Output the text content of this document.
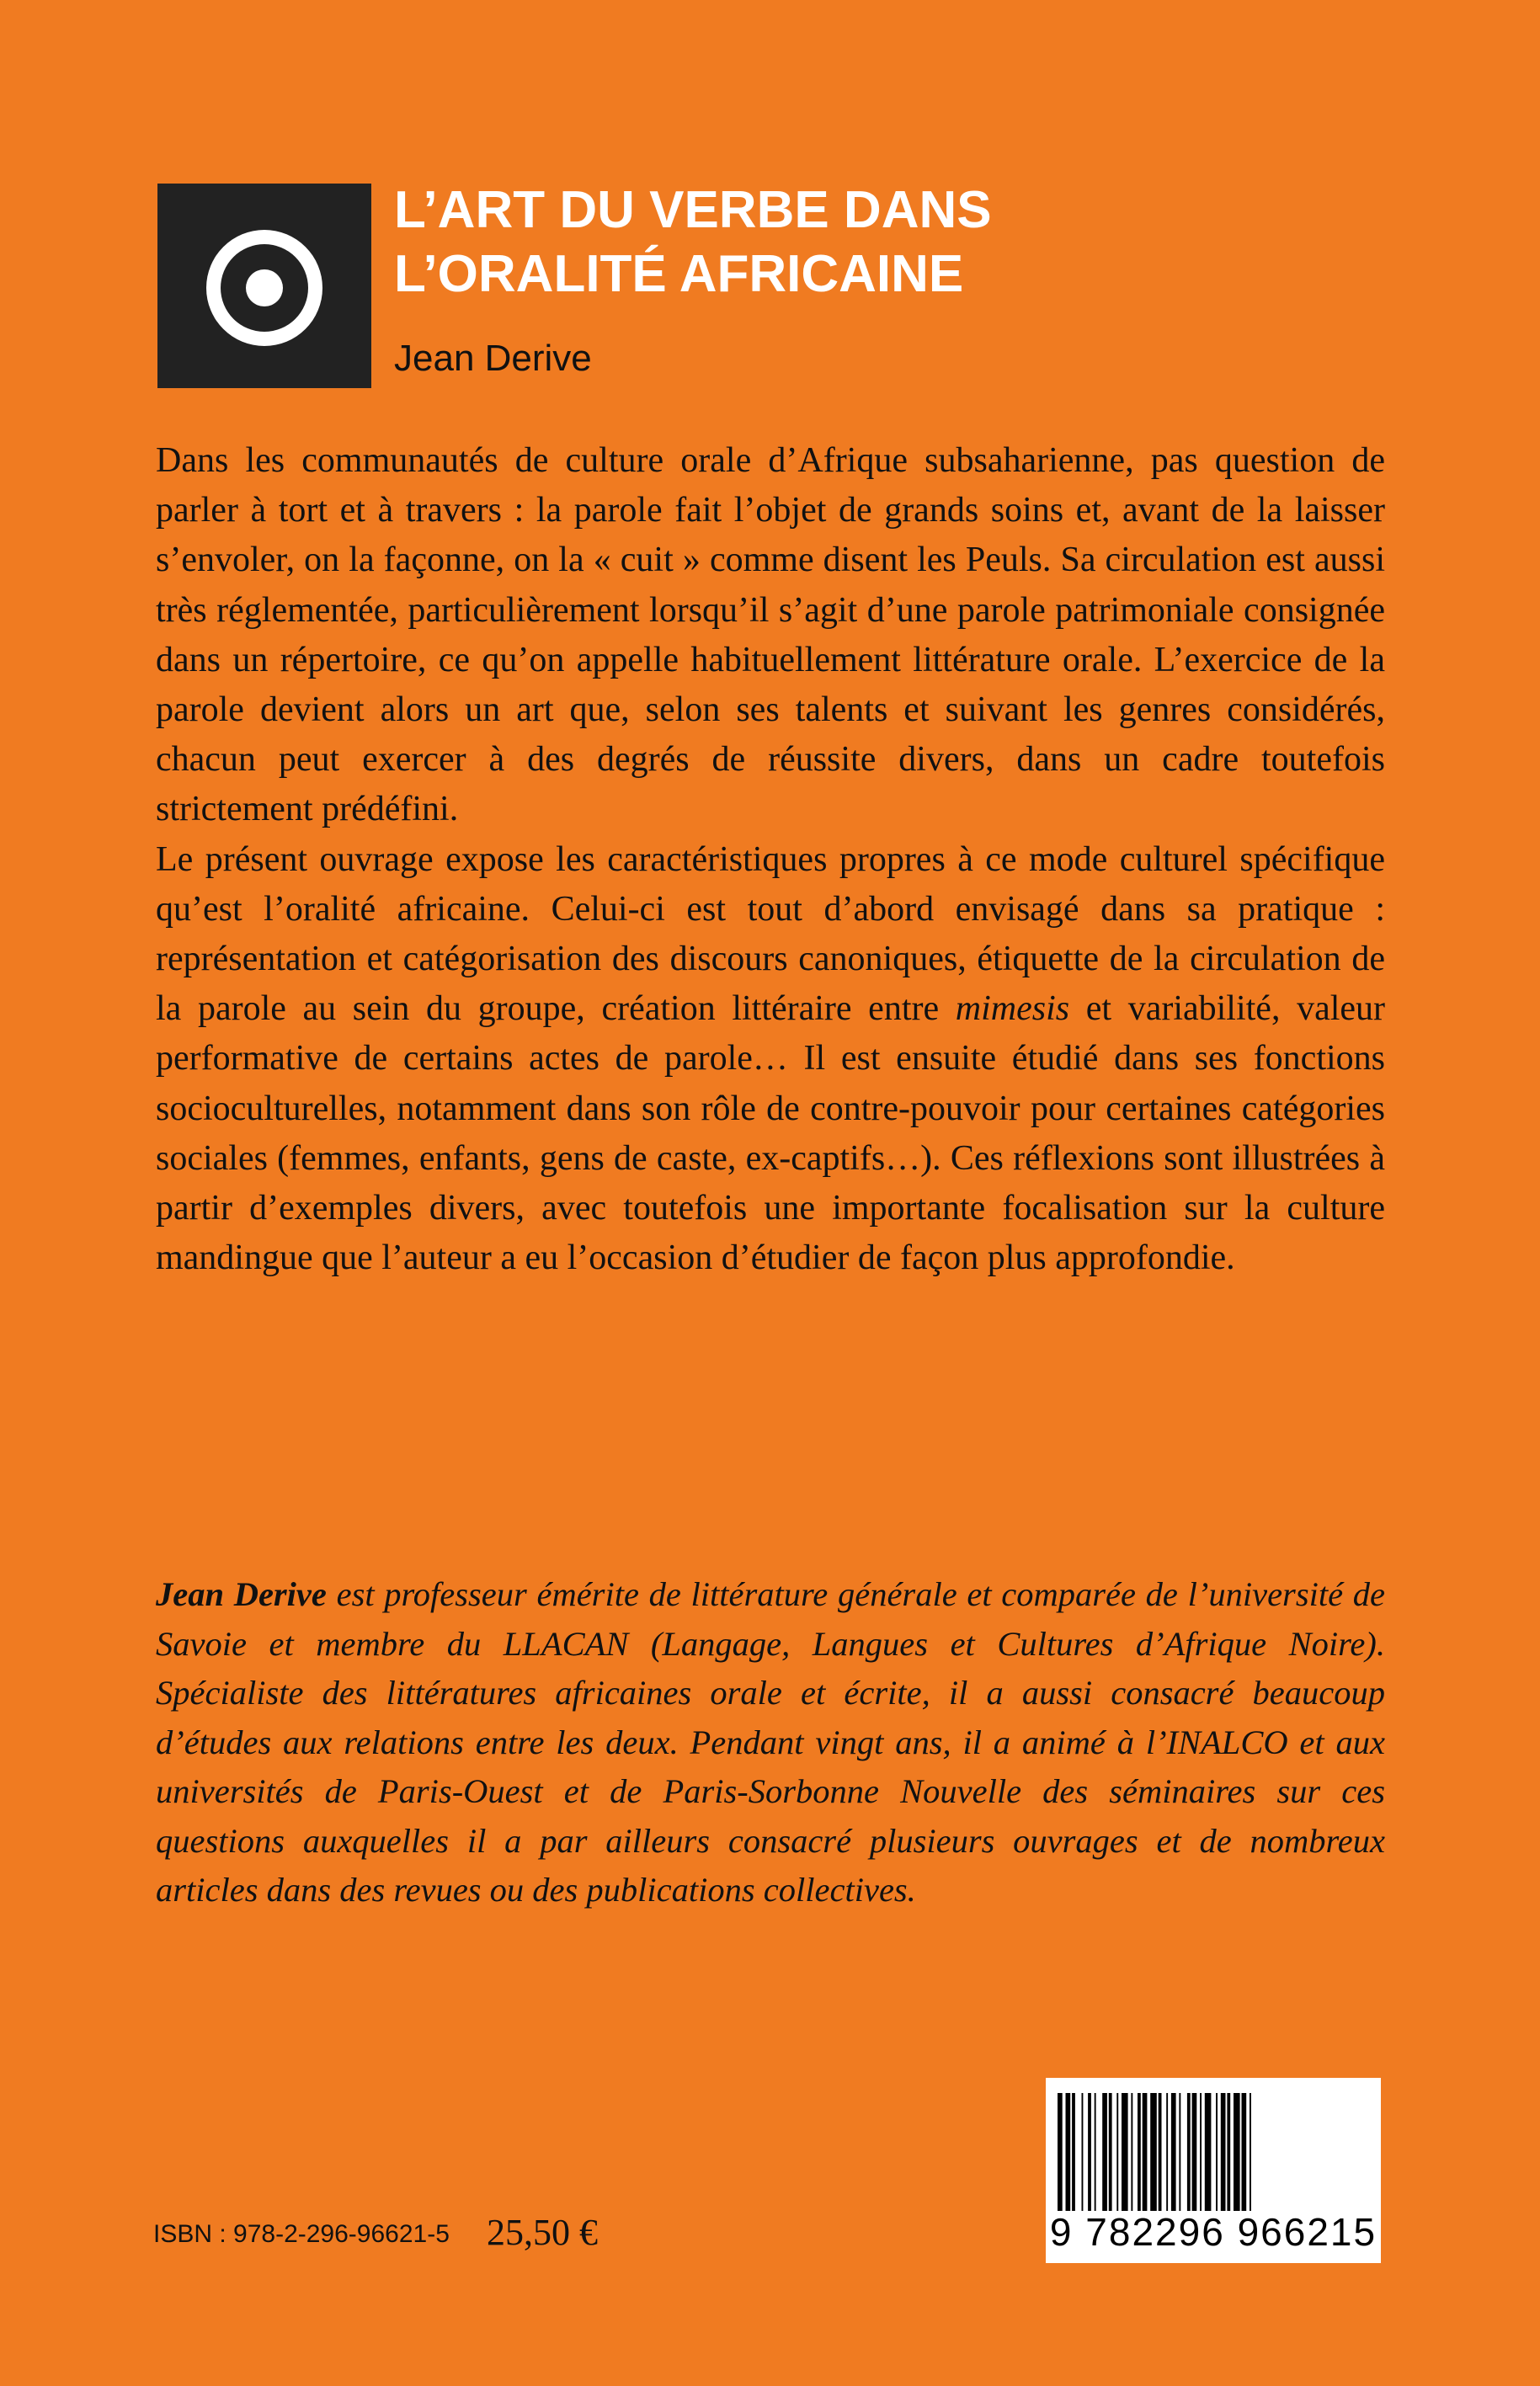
L’ART DU VERBE DANS
L’ORALITÉ AFRICAINE
Jean Derive

Dans les communautés de culture orale d’Afrique subsaharienne, pas question de parler à tort et à travers : la parole fait l’objet de grands soins et, avant de la laisser s’envoler, on la façonne, on la « cuit » comme disent les Peuls. Sa circulation est aussi très réglementée, particulièrement lorsqu’il s’agit d’une parole patrimoniale consignée dans un répertoire, ce qu’on appelle habituellement littérature orale. L’exercice de la parole devient alors un art que, selon ses talents et suivant les genres considérés, chacun peut exercer à des degrés de réussite divers, dans un cadre toutefois strictement prédéfini.

Le présent ouvrage expose les caractéristiques propres à ce mode culturel spécifique qu’est l’oralité africaine. Celui-ci est tout d’abord envisagé dans sa pratique : représentation et catégorisation des discours canoniques, étiquette de la circulation de la parole au sein du groupe, création littéraire entre mimesis et variabilité, valeur performative de certains actes de parole… Il est ensuite étudié dans ses fonctions socioculturelles, notamment dans son rôle de contre-pouvoir pour certaines catégories sociales (femmes, enfants, gens de caste, ex-captifs…). Ces réflexions sont illustrées à partir d’exemples divers, avec toutefois une importante focalisation sur la culture mandingue que l’auteur a eu l’occasion d’étudier de façon plus approfondie.

Jean Derive est professeur émérite de littérature générale et comparée de l’université de Savoie et membre du LLACAN (Langage, Langues et Cultures d’Afrique Noire). Spécialiste des littératures africaines orale et écrite, il a aussi consacré beaucoup d’études aux relations entre les deux. Pendant vingt ans, il a animé à l’INALCO et aux universités de Paris-Ouest et de Paris-Sorbonne Nouvelle des séminaires sur ces questions auxquelles il a par ailleurs consacré plusieurs ouvrages et de nombreux articles dans des revues ou des publications collectives.

ISBN : 978-2-296-96621-5 25,50 €	9 782296 966215
